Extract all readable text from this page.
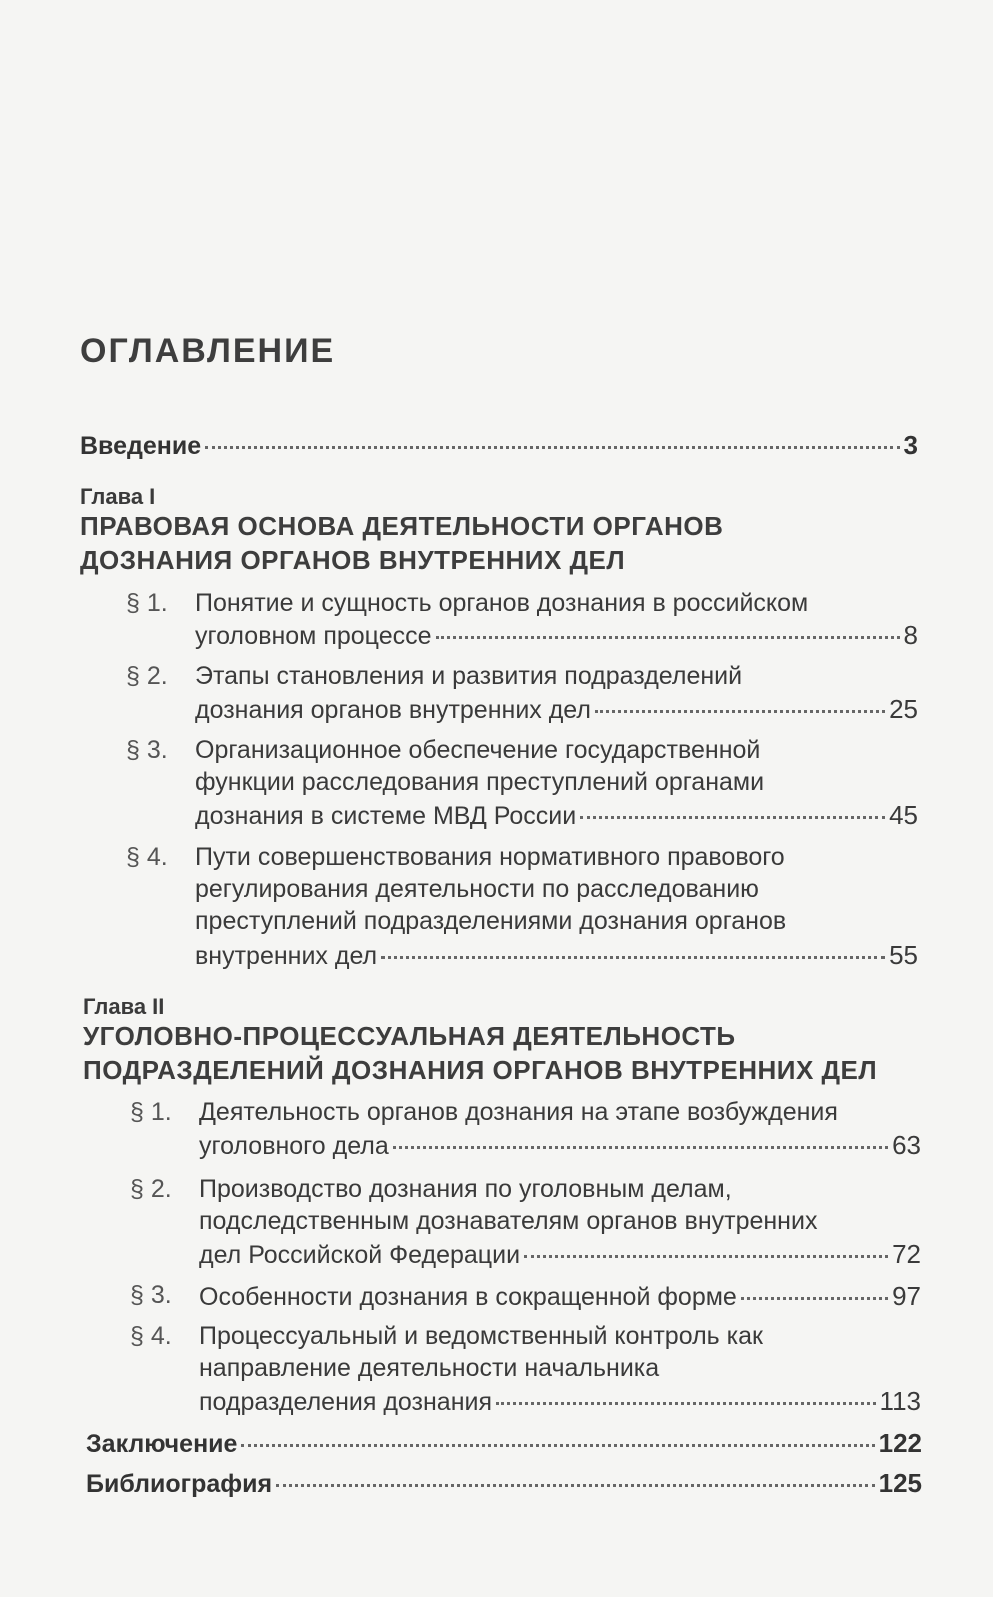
ОГЛАВЛЕНИЕ
Введение	3
Глава I
ПРАВОВАЯ ОСНОВА ДЕЯТЕЛЬНОСТИ ОРГАНОВ
ДОЗНАНИЯ ОРГАНОВ ВНУТРЕННИХ ДЕЛ
§ 1. Понятие и сущность органов дознания в российском
уголовном процессе	8
§ 2. Этапы становления и развития подразделений
дознания органов внутренних дел	25
§ 3. Организационное обеспечение государственной
функции расследования преступлений органами
дознания в системе МВД России	45
§ 4. Пути совершенствования нормативного правового
регулирования деятельности по расследованию
преступлений подразделениями дознания органов
внутренних дел	55
Глава II
УГОЛОВНО-ПРОЦЕССУАЛЬНАЯ ДЕЯТЕЛЬНОСТЬ
ПОДРАЗДЕЛЕНИЙ ДОЗНАНИЯ ОРГАНОВ ВНУТРЕННИХ ДЕЛ
§ 1. Деятельность органов дознания на этапе возбуждения
уголовного дела	63
§ 2. Производство дознания по уголовным делам,
подследственным дознавателям органов внутренних
дел Российской Федерации	72
§ 3. Особенности дознания в сокращенной форме	97
§ 4. Процессуальный и ведомственный контроль как
направление деятельности начальника
подразделения дознания	113
Заключение	122
Библиография	125
